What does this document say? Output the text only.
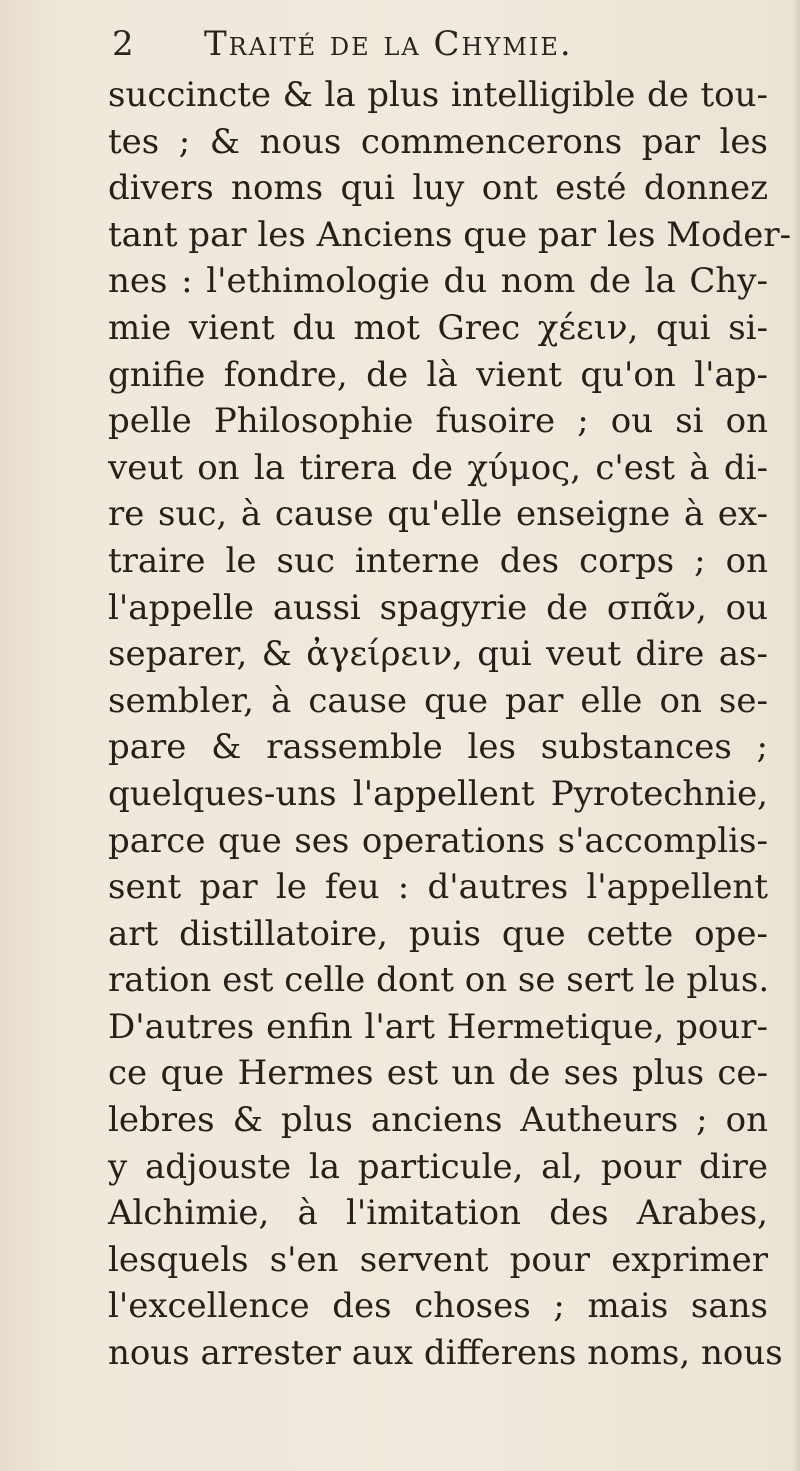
2 Traité de la Chymie.
succincte & la plus intelligible de tou-
tes ; & nous commencerons par les
divers noms qui luy ont esté donnez
tant par les Anciens que par les Moder-
nes : l'ethimologie du nom de la Chy-
mie vient du mot Grec χέειν, qui si-
gnifie fondre, de là vient qu'on l'ap-
pelle Philosophie fusoire ; ou si on
veut on la tirera de χύμος, c'est à di-
re suc, à cause qu'elle enseigne à ex-
traire le suc interne des corps ; on
l'appelle aussi spagyrie de σπᾶν, ou
separer, & ἀγείρειν, qui veut dire as-
sembler, à cause que par elle on se-
pare & rassemble les substances ;
quelques-uns l'appellent Pyrotechnie,
parce que ses operations s'accomplis-
sent par le feu : d'autres l'appellent
art distillatoire, puis que cette ope-
ration est celle dont on se sert le plus.
D'autres enfin l'art Hermetique, pour-
ce que Hermes est un de ses plus ce-
lebres & plus anciens Autheurs ; on
y adjouste la particule, al, pour dire
Alchimie, à l'imitation des Arabes,
lesquels s'en servent pour exprimer
l'excellence des choses ; mais sans
nous arrester aux differens noms, nous
